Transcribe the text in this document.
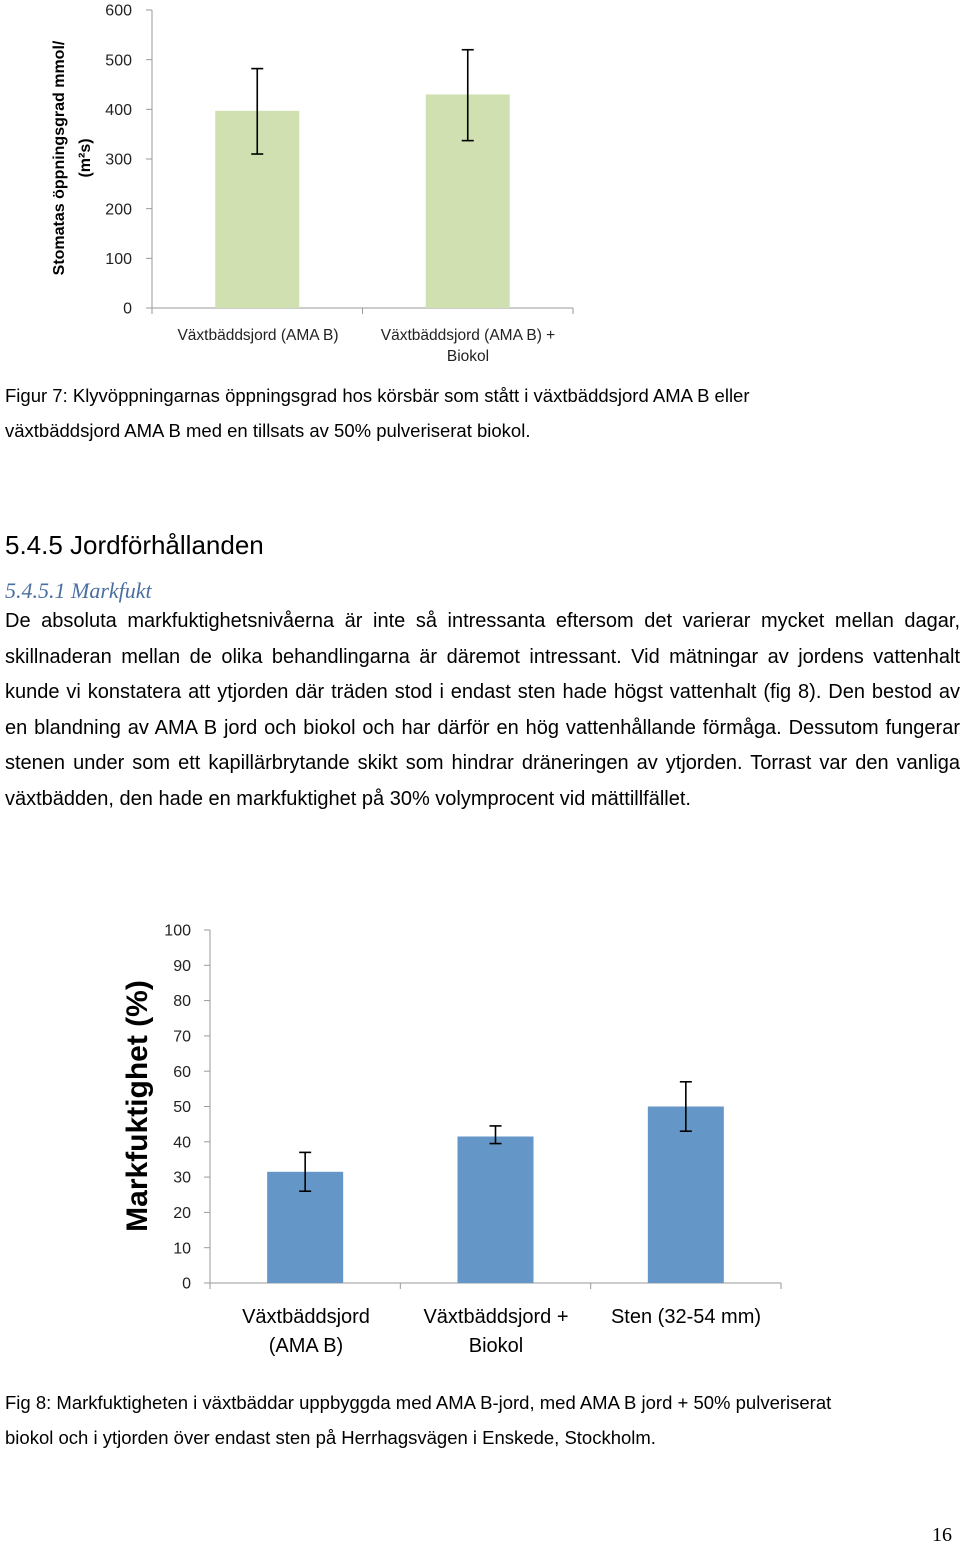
Stomatas öppningsgrad mmol/ (m²s)
0
100
200
300
400
500
600
Växtbäddsjord (AMA B)	Växtbäddsjord (AMA B) +
Biokol
Figur 7: Klyvöppningarnas öppningsgrad hos körsbär som stått i växtbäddsjord AMA B eller
växtbäddsjord AMA B med en tillsats av 50% pulveriserat biokol.
5.4.5 Jordförhållanden
5.4.5.1 Markfukt
De absoluta markfuktighetsnivåerna är inte så intressanta eftersom det varierar mycket mellan dagar, skillnaderan mellan de olika behandlingarna är däremot intressant. Vid mätningar av jordens vattenhalt kunde vi konstatera att ytjorden där träden stod i endast sten hade högst vattenhalt (fig 8). Den bestod av en blandning av AMA B jord och biokol och har därför en hög vattenhållande förmåga. Dessutom fungerar stenen under som ett kapillärbrytande skikt som hindrar dräneringen av ytjorden. Torrast var den vanliga växtbädden, den hade en markfuktighet på 30% volymprocent vid mättillfället.
Markfuktighet (%)
0
10
20
30
40
50
60
70
80
90
100
Växtbäddsjord
(AMA B)
Växtbäddsjord +
Biokol
Sten (32-54 mm)
Fig 8: Markfuktigheten i växtbäddar uppbyggda med AMA B-jord, med AMA B jord + 50% pulveriserat
biokol och i ytjorden över endast sten på Herrhagsvägen i Enskede, Stockholm.
16
